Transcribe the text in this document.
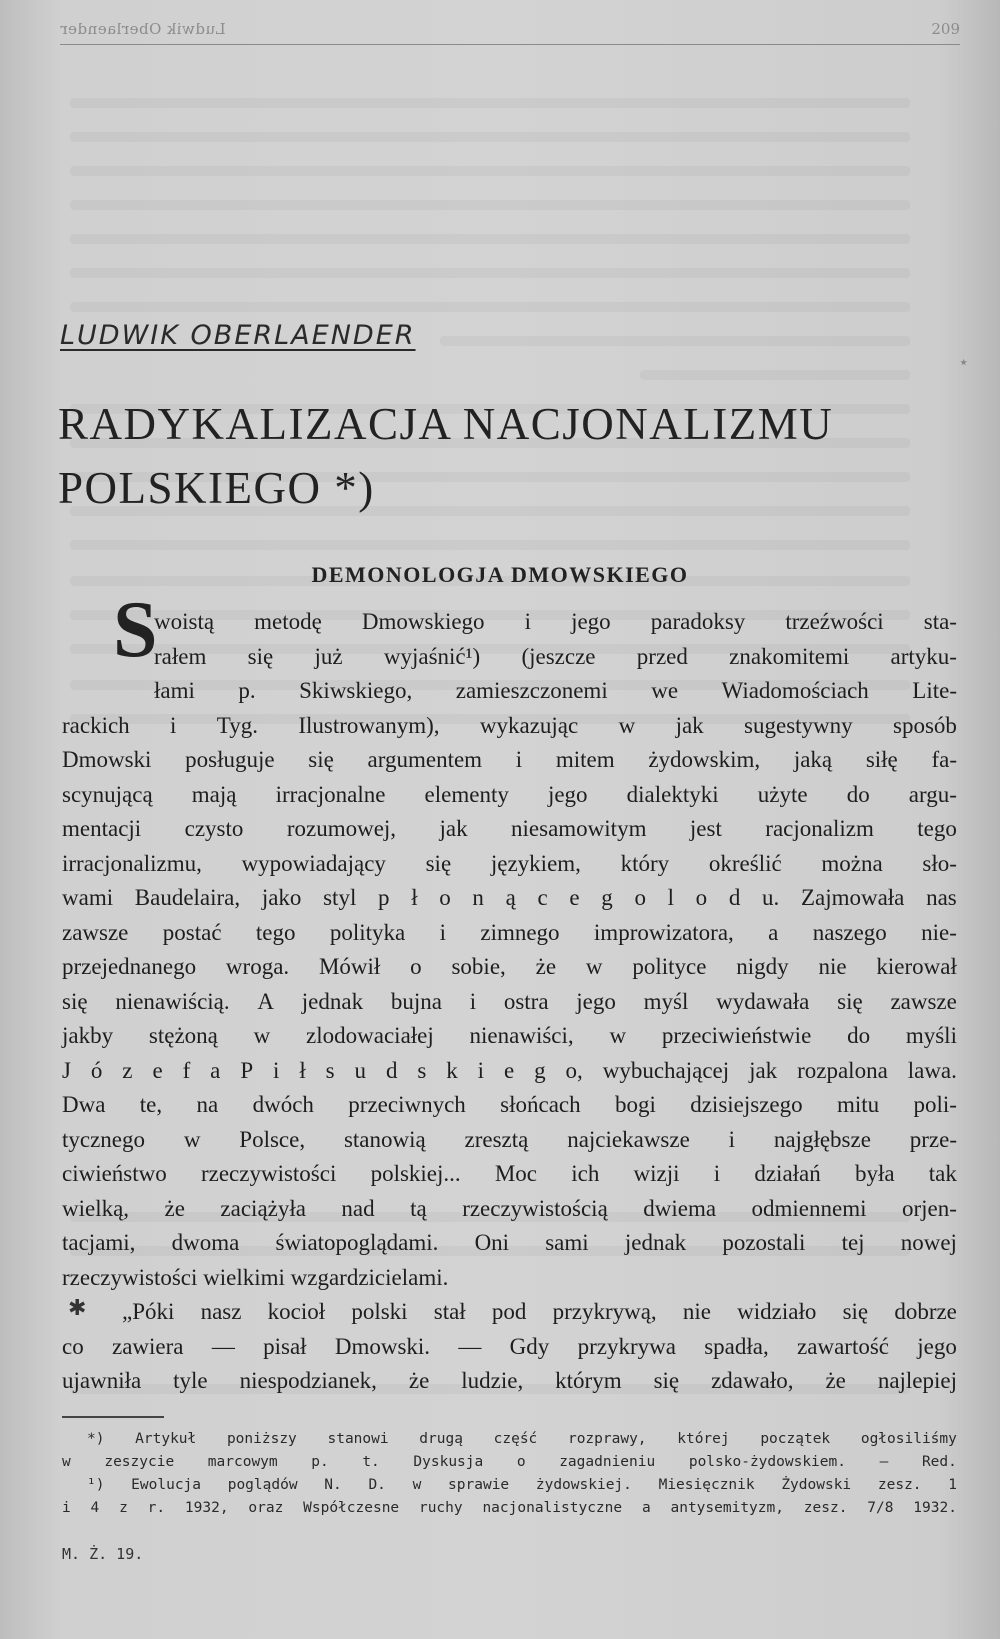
Ludwik Oberlaender	209
LUDWIK OBERLAENDER
RADYKALIZACJA NACJONALIZMU
POLSKIEGO *)
DEMONOLOGJA DMOWSKIEGO
S
woistą metodę Dmowskiego i jego paradoksy trzeźwości sta-
rałem się już wyjaśnić¹) (jeszcze przed znakomitemi artyku-
łami p. Skiwskiego, zamieszczonemi we Wiadomościach Lite-
rackich i Tyg. Ilustrowanym), wykazując w jak sugestywny sposób
Dmowski posługuje się argumentem i mitem żydowskim, jaką siłę fa-
scynującą mają irracjonalne elementy jego dialektyki użyte do argu-
mentacji czysto rozumowej, jak niesamowitym jest racjonalizm tego
irracjonalizmu, wypowiadający się językiem, który określić można sło-
wami Baudelaira, jako styl p ł o n ą c e g o l o d u. Zajmowała nas
zawsze postać tego polityka i zimnego improwizatora, a naszego nie-
przejednanego wroga. Mówił o sobie, że w polityce nigdy nie kierował
się nienawiścią. A jednak bujna i ostra jego myśl wydawała się zawsze
jakby stężoną w zlodowaciałej nienawiści, w przeciwieństwie do myśli
J ó z e f a P i ł s u d s k i e g o, wybuchającej jak rozpalona lawa.
Dwa te, na dwóch przeciwnych słońcach bogi dzisiejszego mitu poli-
tycznego w Polsce, stanowią zresztą najciekawsze i najgłębsze prze-
ciwieństwo rzeczywistości polskiej... Moc ich wizji i działań była tak
wielką, że zaciążyła nad tą rzeczywistością dwiema odmiennemi orjen-
tacjami, dwoma światopoglądami. Oni sami jednak pozostali tej nowej
rzeczywistości wielkimi wzgardzicielami.
„Póki nasz kocioł polski stał pod przykrywą, nie widziało się dobrze
co zawiera — pisał Dmowski. — Gdy przykrywa spadła, zawartość jego
ujawniła tyle niespodzianek, że ludzie, którym się zdawało, że najlepiej
✱
*) Artykuł poniższy stanowi drugą część rozprawy, której początek ogłosiliśmy
w zeszycie marcowym p. t. Dyskusja o zagadnieniu polsko-żydowskiem. — Red.
¹) Ewolucja poglądów N. D. w sprawie żydowskiej. Miesięcznik Żydowski zesz. 1
i 4 z r. 1932, oraz Współczesne ruchy nacjonalistyczne a antysemityzm, zesz. 7/8 1932.
M. Ż. 19.
⋆
